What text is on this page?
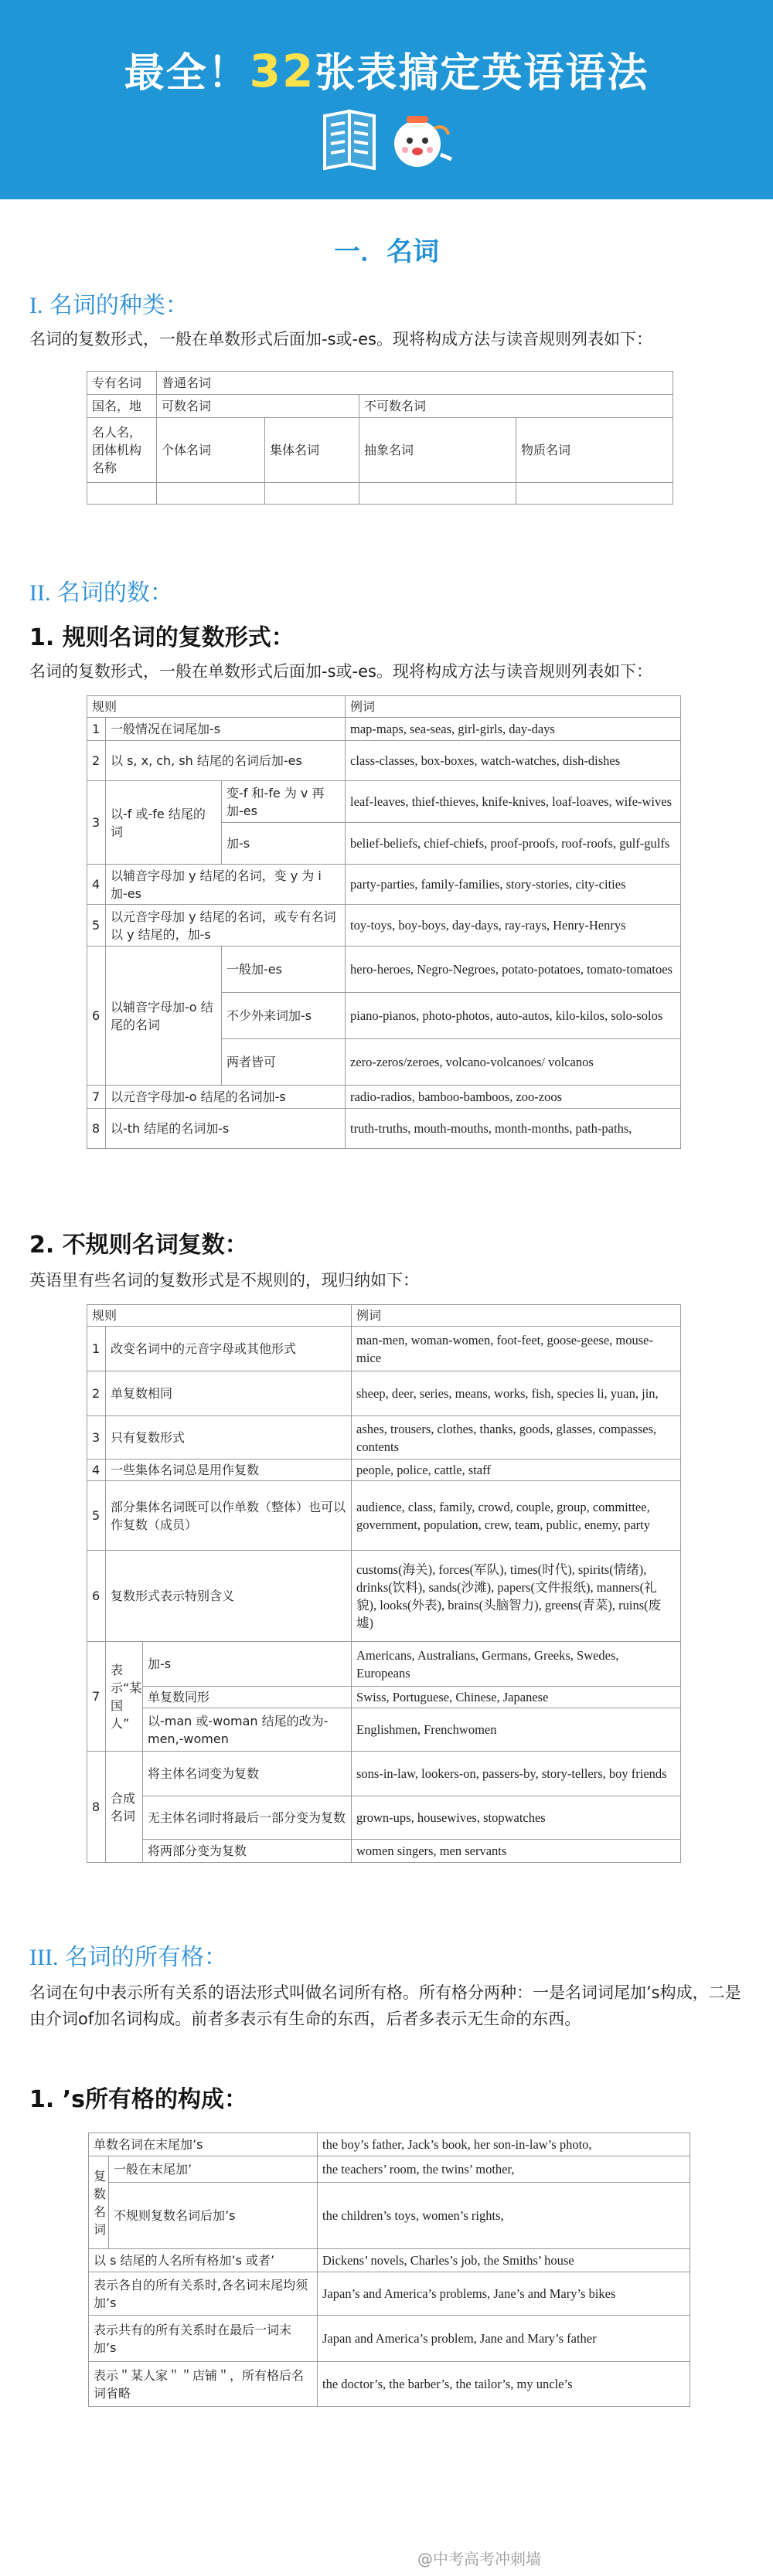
最全！32张表搞定英语语法
一．名词
I. 名词的种类：
名词的复数形式，一般在单数形式后面加-s或-es。现将构成方法与读音规则列表如下：
专有名词	普通名词			
国名，地	可数名词		不可数名词	
名人名，团体机构名称	个体名词	集体名词	抽象名词	物质名词

II. 名词的数：
1. 规则名词的复数形式：
名词的复数形式，一般在单数形式后面加-s或-es。现将构成方法与读音规则列表如下：
规则			例词
1	一般情况在词尾加-s		map-maps, sea-seas, girl-girls, day-days
2	以 s, x, ch, sh 结尾的名词后加-es		class-classes, box-boxes, watch-watches, dish-dishes
3	以-f 或-fe 结尾的词	变-f 和-fe 为 v 再加-es	leaf-leaves, thief-thieves, knife-knives, loaf-loaves, wife-wives
		加-s	belief-beliefs, chief-chiefs, proof-proofs, roof-roofs, gulf-gulfs
4	以辅音字母加 y 结尾的名词，变 y 为 i 加-es		party-parties, family-families, story-stories, city-cities
5	以元音字母加 y 结尾的名词，或专有名词以 y 结尾的，加-s		toy-toys, boy-boys, day-days, ray-rays, Henry-Henrys
6	以辅音字母加-o 结尾的名词	一般加-es	hero-heroes, Negro-Negroes, potato-potatoes, tomato-tomatoes
		不少外来词加-s	piano-pianos, photo-photos, auto-autos, kilo-kilos, solo-solos
		两者皆可	zero-zeros/zeroes, volcano-volcanoes/ volcanos
7	以元音字母加-o 结尾的名词加-s		radio-radios, bamboo-bamboos, zoo-zoos
8	以-th 结尾的名词加-s		truth-truths, mouth-mouths, month-months, path-paths,
2. 不规则名词复数：
英语里有些名词的复数形式是不规则的，现归纳如下：
规则			例词
1	改变名词中的元音字母或其他形式		man-men, woman-women, foot-feet, goose-geese, mouse-mice
2	单复数相同		sheep, deer, series, means, works, fish, species li, yuan, jin,
3	只有复数形式		ashes, trousers, clothes, thanks, goods, glasses, compasses, contents
4	一些集体名词总是用作复数		people, police, cattle, staff
5	部分集体名词既可以作单数（整体）也可以作复数（成员）		audience, class, family, crowd, couple, group, committee, government, population, crew, team, public, enemy, party
6	复数形式表示特别含义		customs(海关), forces(军队), times(时代), spirits(情绪), drinks(饮料), sands(沙滩), papers(文件报纸), manners(礼貌), looks(外表), brains(头脑智力), greens(青菜), ruins(废墟)
7	表示“某国人”	加-s	Americans, Australians, Germans, Greeks, Swedes, Europeans
		单复数同形	Swiss, Portuguese, Chinese, Japanese
		以-man 或-woman 结尾的改为-men,-women	Englishmen, Frenchwomen
8	合成名词	将主体名词变为复数	sons-in-law, lookers-on, passers-by, story-tellers, boy friends
		无主体名词时将最后一部分变为复数	grown-ups, housewives, stopwatches
		将两部分变为复数	women singers, men servants
III. 名词的所有格：
名词在句中表示所有关系的语法形式叫做名词所有格。所有格分两种：一是名词词尾加’s构成，二是由介词of加名词构成。前者多表示有生命的东西，后者多表示无生命的东西。
1. ’s所有格的构成：
单数名词在末尾加’s		the boy’s father, Jack’s book, her son-in-law’s photo,
复数名词	一般在末尾加’	the teachers’ room, the twins’ mother,
	不规则复数名词后加’s	the children’s toys, women’s rights,
以 s 结尾的人名所有格加’s 或者’		Dickens’ novels, Charles’s job, the Smiths’ house
表示各自的所有关系时,各名词末尾均须加’s		Japan’s and America’s problems, Jane’s and Mary’s bikes
表示共有的所有关系时在最后一词末加’s		Japan and America’s problem, Jane and Mary’s father
表示＂某人家＂＂店铺＂，所有格后名词省略		the doctor’s, the barber’s, the tailor’s, my uncle’s
@中考高考冲刺墙
